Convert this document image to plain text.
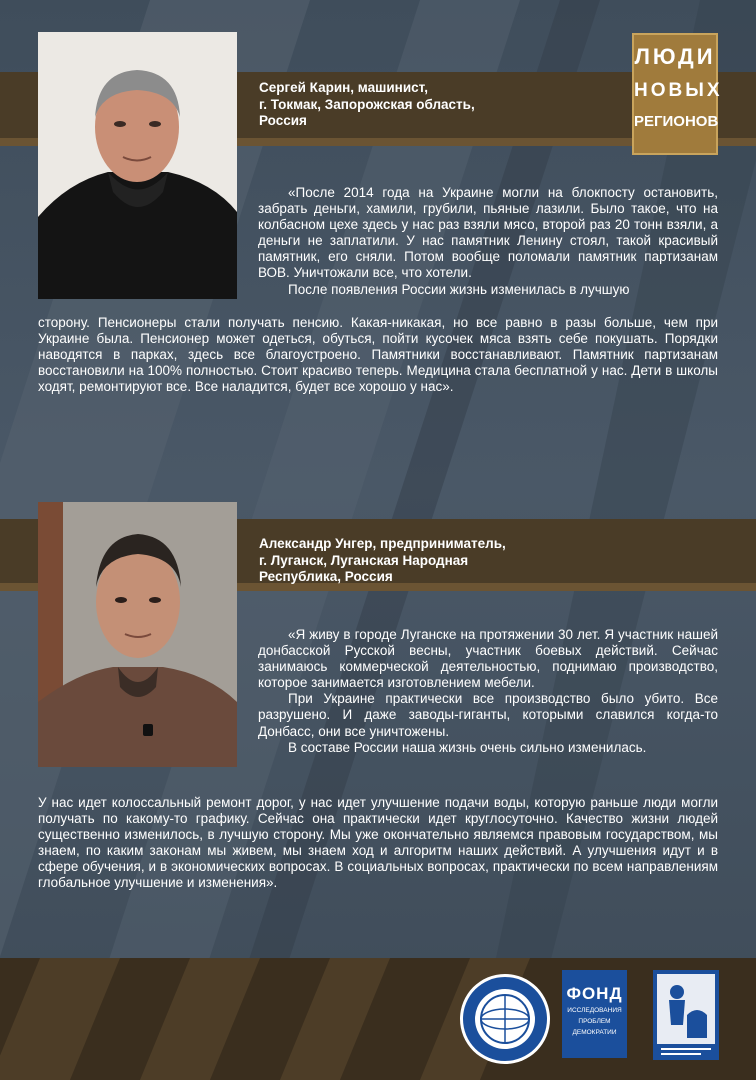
ЛЮДИ
НОВЫХ
РЕГИОНОВ
Сергей Карин, машинист,
г. Токмак, Запорожская область,
Россия
Александр Унгер, предприниматель,
г. Луганск, Луганская Народная
Республика, Россия

«После 2014 года на Украине могли на блокпосту остановить, забрать деньги, хамили, грубили, пьяные лазили. Было такое, что на колбасном цехе здесь у нас раз взяли мясо, второй раз 20 тонн взяли, а деньги не заплатили. У нас памятник Ленину стоял, такой красивый памятник, его сняли. Потом вообще поломали памятник партизанам ВОВ. Уничтожали все, что хотели.

После появления России жизнь изменилась в лучшую

сторону. Пенсионеры стали получать пенсию. Какая-никакая, но все равно в разы больше, чем при Украине была. Пенсионер может одеться, обуться, пойти кусочек мяса взять себе покушать. Порядки наводятся в парках, здесь все благоустроено. Памятники восстанавливают. Памятник партизанам восстановили на 100% полностью. Стоит красиво теперь. Медицина стала бесплатной у нас. Дети в школы ходят, ремонтируют все. Все наладится, будет все хорошо у нас».

«Я живу в городе Луганске на протяжении 30 лет. Я участник нашей донбасской Русской весны, участник боевых действий. Сейчас занимаюсь коммерческой деятельностью, поднимаю производство, которое занимается изготовлением мебели.

При Украине практически все производство было убито. Все разрушено. И даже заводы-гиганты, которыми славился когда-то Донбасс, они все уничтожены.

В составе России наша жизнь очень сильно изменилась.

У нас идет колоссальный ремонт дорог, у нас идет улучшение подачи воды, которую раньше люди могли получать по какому-то графику. Сейчас она практически идет круглосуточно. Качество жизни людей существенно изменилось, в лучшую сторону. Мы уже окончательно являемся правовым государством, мы знаем, по каким законам мы живем, мы знаем ход и алгоритм наших действий. А улучшения идут и в сфере обучения, и в экономических вопросах. В социальных вопросах, практически по всем направлениям глобальное улучшение и изменения».

ФОНД
ИССЛЕДОВАНИЯ
ПРОБЛЕМ
ДЕМОКРАТИИ
